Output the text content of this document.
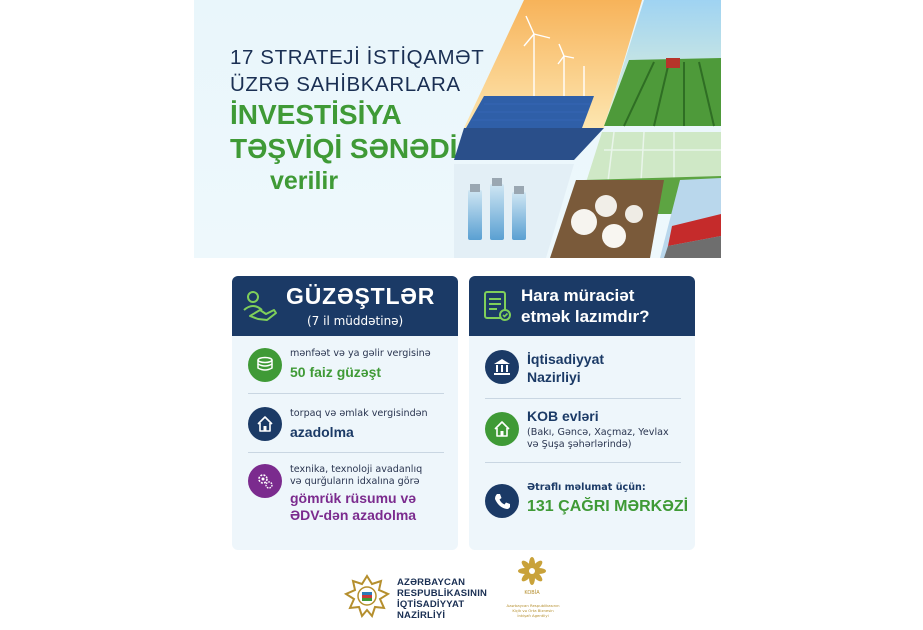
17 STRATEJİ İSTİQAMƏT
ÜZRƏ SAHİBKARLARA
İNVESTİSİYA
TƏŞVİQİ SƏNƏDİ
verilir
GÜZƏŞTLƏR
(7 il müddətinə)
mənfəət və ya gəlir vergisinə
50 faiz güzəşt
torpaq və əmlak vergisindən
azadolma
texnika, texnoloji avadanlıq
və qurğuların idxalına görə
gömrük rüsumu və
ƏDV-dən azadolma
Hara müraciət
etmək lazımdır?
İqtisadiyyat
Nazirliyi
KOB evləri
(Bakı, Gəncə, Xaçmaz, Yevlax
və Şuşa şəhərlərində)
Ətraflı məlumat üçün:
131 ÇAĞRI MƏRKƏZİ
AZƏRBAYCAN
RESPUBLİKASININ
İQTİSADİYYAT
NAZİRLİYİ
KOBİA
Azərbaycan Respublikasının
Kiçik və Orta Biznesin
İnkişafı Agentliyi
